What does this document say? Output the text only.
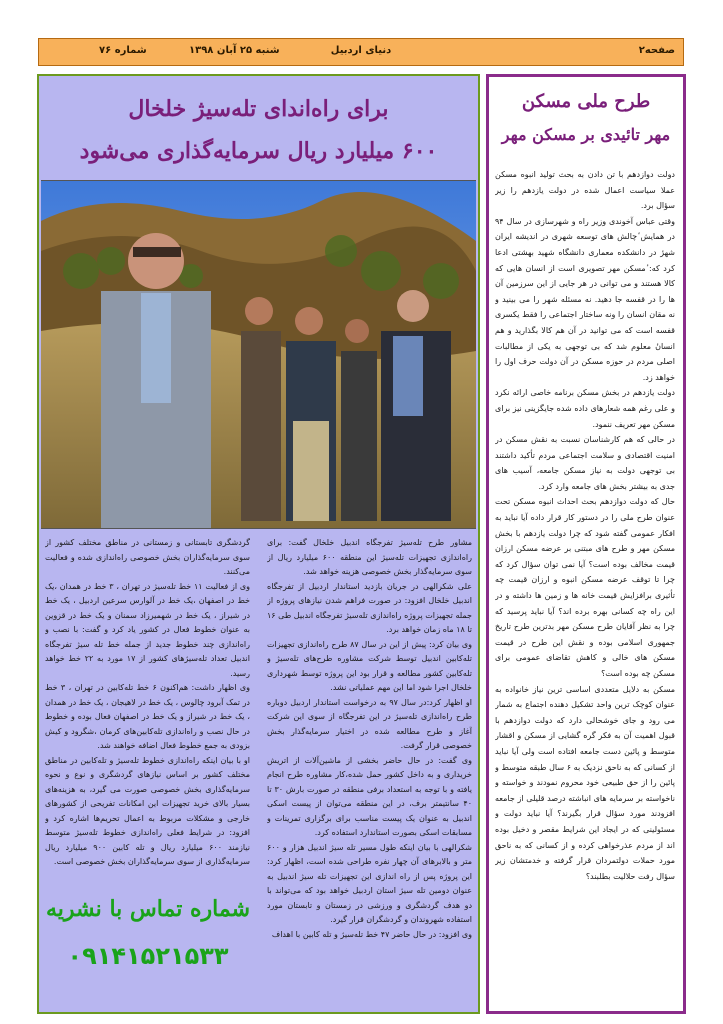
صفحه۲
دنیای اردبیل
شنبه ۲۵ آبان ۱۳۹۸
شماره ۷۶
برای راه‌اندای تله‌سیژ خلخال
۶۰۰ میلیارد ریال سرمایه‌گذاری می‌شود

مشاور طرح تله‌سیژ تفرجگاه اندبیل خلخال گفت: برای راه‌اندازی تجهیزات تله‌سیژ این منطقه ۶۰۰ میلیارد ریال از سوی سرمایه‌گذار بخش خصوصی هزینه خواهد شد.

علی شکرالهی در جریان بازدید استاندار اردبیل از تفرجگاه اندبیل خلخال افزود: در صورت فراهم شدن نیازهای پروژه از جمله تجهیزات پروژه راه‌اندازی تله‌سیژ تفرجگاه اندبیل طی ۱۶ تا ۱۸ ماه زمان خواهد برد.

وی بیان کرد: پیش از این در سال ۸۷ طرح راه‌اندازی تجهیزات تله‌کابین اندبیل توسط شرکت مشاوره طرح‌های تله‌سیژ و تله‌کابین کشور مطالعه و قرار بود این پروژه توسط شهرداری خلخال اجرا شود اما این مهم عملیاتی نشد.

او اظهار کرد:در سال ۹۷ به درخواست استاندار اردبیل دوباره طرح راه‌اندازی تله‌سیژ در این تفرجگاه از سوی این شرکت آغاز و طرح مطالعه شده در اختیار سرمایه‌گذار بخش خصوصی قرار گرفت.

وی گفت: در حال حاضر بخشی از ماشین‌آلات از اتریش خریداری و به داخل کشور حمل شده،کار مشاوره طرح انجام یافته و با توجه به استعداد برفی منطقه در صورت بارش ۳۰ تا ۴۰ سانتیمتر برف، در این منطقه می‌توان از پیست اسکی اندبیل به عنوان یک پیست مناسب برای برگزاری تمرینات و مسابقات اسکی بصورت استاندارد استفاده کرد.

شکرالهی با بیان اینکه طول مسیر تله سیژ اندبیل هزار و ۶۰۰ متر و بالابرهای آن چهار نفره طراحی شده است، اظهار کرد: این پروژه پس از راه اندازی این تجهیزات تله سیژ اندبیل به عنوان دومین تله سیژ استان اردبیل خواهد بود که می‌تواند با دو هدف گردشگری و ورزشی در زمستان و تابستان مورد استفاده شهروندان و گردشگران قرار گیرد.

وی افزود: در حال حاضر ۴۷ خط تله‌سیژ و تله کابین با اهداف

گردشگری تابستانی و زمستانی در مناطق مختلف کشور از سوی سرمایه‌گذاران بخش خصوصی راه‌اندازی شده و فعالیت می‌کنند.

وی از فعالیت ۱۱ خط تله‌سیژ در تهران ، ۳ خط در همدان ،یک خط در اصفهان ،یک خط در آلوارس سرعین اردبیل ، یک خط در شیراز ، یک خط در شهمیرزاد سمنان و یک خط در قزوین به عنوان خطوط فعال در کشور یاد کرد و گفت: با نصب و راه‌اندازی چند خطوط جدید از جمله خط تله سیژ تفرجگاه اندبیل تعداد تله‌سیژهای کشور از ۱۷ مورد به ۲۲ خط خواهد رسید.

وی اظهار داشت: هم‌اکنون ۶ خط تله‌کابین در تهران ، ۳ خط در تمک آبرود چالوس ، یک خط در لاهیجان ، یک خط در همدان ، یک خط در شیراز و یک خط در اصفهان فعال بوده و خطوط در حال نصب و راه‌اندازی تله‌کابین‌های کرمان ،شگرود و کیش بزودی به جمع خطوط فعال اضافه خواهند شد.

او با بیان اینکه راه‌اندازی خطوط تله‌سیژ و تله‌کابین در مناطق مختلف کشور بر اساس نیازهای گردشگری و نوع و نحوه سرمایه‌گذاری بخش خصوصی صورت می گیرد، به هزینه‌های بسیار بالای خرید تجهیزات این امکانات تفریحی از کشورهای خارجی و مشکلات مربوط به اعمال تحریم‌ها اشاره کرد و افزود: در شرایط فعلی راه‌اندازی خطوط تله‌سیژ متوسط نیازمند ۶۰۰ میلیارد ریال و تله کابین ۹۰۰ میلیارد ریال سرمایه‌گذاری از سوی سرمایه‌گذاران بخش خصوصی است.

شماره تماس با نشریه
۰۹۱۴۱۵۲۱۵۳۳
طرح ملی مسکن
مهر تائیدی بر مسکن مهر

دولت دوازدهم با تن دادن به بحث تولید انبوه مسکن عملا سیاست اعمال شده در دولت یازدهم را زیر سؤال برد.

وقتی عباس آخوندی وزیر راه و شهرسازی در سال ۹۴ در همایش ٔچالش های توسعه شهری در اندیشه ایران شهرٔ در دانشکده معماری دانشگاه شهید بهشتی ادعا کرد که: ٔمسکن مهر تصویری است از انسان هایی که کالا هستند و می توانی در هر جایی از این سرزمین آن ها را در قفسه جا دهید. نه مسئله شهر را می بینید و نه مقان انسان را ونه ساختار اجتماعی را فقط یکسری قفسه است که می توانید در آن هم کالا بگذارید و هم انسانٔ معلوم شد که بی توجهی به یکی از مطالبات اصلی مردم در حوزه مسکن در آن دولت حرف اول را خواهد زد.

دولت یازدهم در بخش مسکن برنامه خاصی ارائه نکرد و علی رغم همه شعارهای داده شده جایگزینی نیز برای مسکن مهر تعریف ننمود.

در حالی که هم کارشناسان نسبت به نقش مسکن در امنیت اقتصادی و سلامت اجتماعی مردم تأکید داشتند بی توجهی دولت به نیاز مسکن جامعه، آسیب های جدی به بیشتر بخش های جامعه وارد کرد.

حال که دولت دوازدهم بحث احداث انبوه مسکن تحت عنوان طرح ملی را در دستور کار قرار داده آیا نباید به افکار عمومی گفته شود که چرا دولت یازدهم با بخش مسکن مهر و طرح های مبتنی بر عرضه مسکن ارزان قیمت مخالف بوده است؟ آیا نمی توان سؤال کرد که چرا تا توقف عرضه مسکن انبوه و ارزان قیمت چه تأثیری برافزایش قیمت خانه ها و زمین ها داشته و در این راه چه کسانی بهره برده اند؟ آیا نباید پرسید که چرا به نظر آقایان طرح مسکن مهر بدترین طرح تاریخ جمهوری اسلامی بوده و نقش این طرح در قیمت مسکن های خالی و کاهش تقاضای عمومی برای مسکن چه بوده است؟

مسکن به دلایل متعددی اساسی ترین نیاز خانواده به عنوان کوچک ترین واحد تشکیل دهنده اجتماع به شمار می رود و جای خوشحالی دارد که دولت دوازدهم با قبول اهمیت آن به فکر گره گشایی از مسکن و اقشار متوسط و پائین دست جامعه افتاده است ولی آیا نباید از کسانی که به ناحق نزدیک به ۶ سال طبقه متوسط و پائین را از حق طبیعی خود محروم نمودند و خواسته و ناخواسته بر سرمایه های انباشته درصد قلیلی از جامعه افزودند مورد سؤال قرار بگیرند؟ آیا نباید دولت و مسئولینی که در ایجاد این شرایط مقصر و دخیل بوده اند از مردم عذرخواهی کرده و از کسانی که به ناحق مورد حملات دولتمردان قرار گرفته و خدمتشان زیر سؤال رفت حلالیت بطلبند؟
